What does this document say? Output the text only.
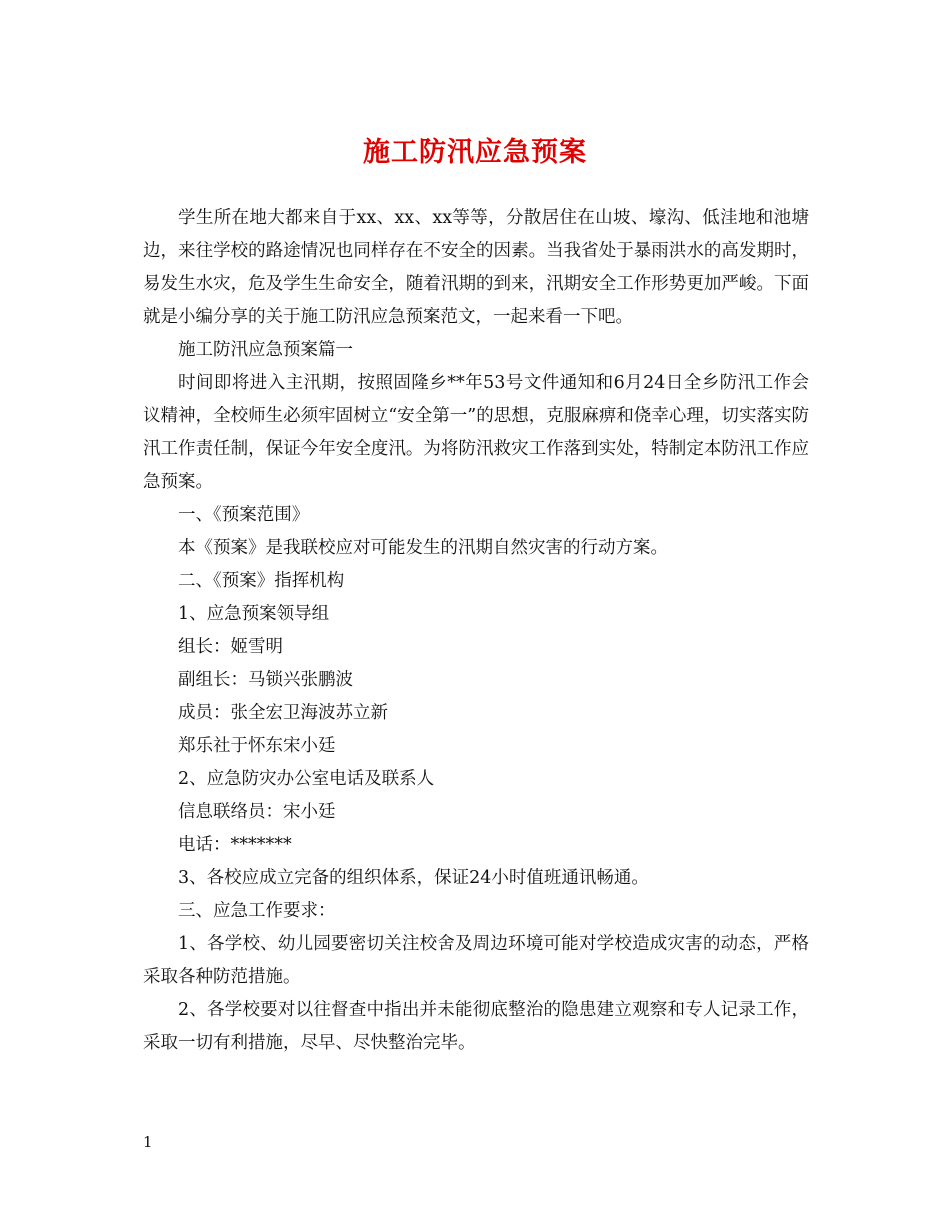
施工防汛应急预案

学生所在地大都来自于xx、xx、xx等等，分散居住在山坡、壕沟、低洼地和池塘边，来往学校的路途情况也同样存在不安全的因素。当我省处于暴雨洪水的高发期时，易发生水灾，危及学生生命安全，随着汛期的到来，汛期安全工作形势更加严峻。下面就是小编分享的关于施工防汛应急预案范文，一起来看一下吧。

施工防汛应急预案篇一

时间即将进入主汛期，按照固隆乡**年53号文件通知和6月24日全乡防汛工作会议精神，全校师生必须牢固树立“安全第一”的思想，克服麻痹和侥幸心理，切实落实防汛工作责任制，保证今年安全度汛。为将防汛救灾工作落到实处，特制定本防汛工作应急预案。

一、《预案范围》

本《预案》是我联校应对可能发生的汛期自然灾害的行动方案。

二、《预案》指挥机构

1、应急预案领导组

组长：姬雪明

副组长：马锁兴张鹏波

成员：张全宏卫海波苏立新

郑乐社于怀东宋小廷

2、应急防灾办公室电话及联系人

信息联络员：宋小廷

电话：*******

3、各校应成立完备的组织体系，保证24小时值班通讯畅通。

三、应急工作要求：

1、各学校、幼儿园要密切关注校舍及周边环境可能对学校造成灾害的动态，严格采取各种防范措施。

2、各学校要对以往督查中指出并未能彻底整治的隐患建立观察和专人记录工作，采取一切有利措施，尽早、尽快整治完毕。

1
